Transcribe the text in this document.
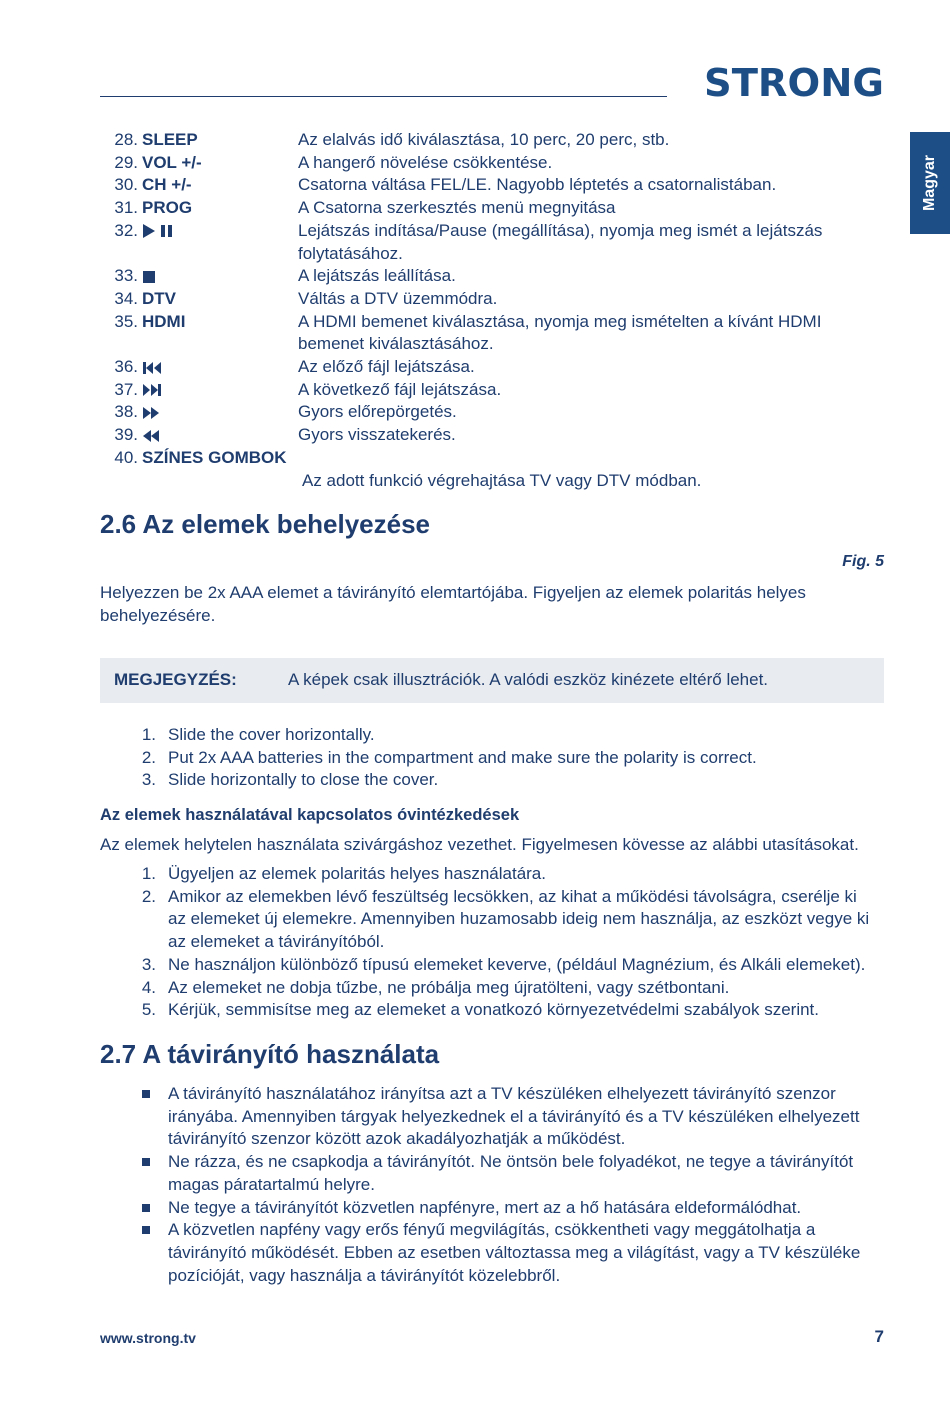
STRONG
Magyar
28. SLEEP	Az elalvás idő kiválasztása, 10 perc, 20 perc, stb.
29. VOL +/-	A hangerő növelése csökkentése.
30. CH +/-	Csatorna váltása FEL/LE. Nagyobb léptetés a csatornalistában.
31. PROG	A Csatorna szerkesztés menü megnyitása
32.	Lejátszás indítása/Pause (megállítása), nyomja meg ismét a lejátszás folytatásához.
33.	A lejátszás leállítása.
34. DTV	Váltás a DTV üzemmódra.
35. HDMI	A HDMI bemenet kiválasztása, nyomja meg ismételten a kívánt HDMI bemenet kiválasztásához.
36.	Az előző fájl lejátszása.
37.	A következő fájl lejátszása.
38.	Gyors előrepörgetés.
39.	Gyors visszatekerés.
40. SZÍNES GOMBOK
Az adott funkció végrehajtása TV vagy DTV módban.
2.6 Az elemek behelyezése
Fig. 5
Helyezzen be 2x AAA elemet a távirányító elemtartójába. Figyeljen az elemek polaritás helyes behelyezésére.
MEGJEGYZÉS:	A képek csak illusztrációk. A valódi eszköz kinézete eltérő lehet.
1. Slide the cover horizontally.
2. Put 2x AAA batteries in the compartment and make sure the polarity is correct.
3. Slide horizontally to close the cover.
Az elemek használatával kapcsolatos óvintézkedések
Az elemek helytelen használata szivárgáshoz vezethet. Figyelmesen kövesse az alábbi utasításokat.
1. Ügyeljen az elemek polaritás helyes használatára.
2. Amikor az elemekben lévő feszültség lecsökken, az kihat a működési távolságra, cserélje ki az elemeket új elemekre. Amennyiben huzamosabb ideig nem használja, az eszközt vegye ki az elemeket a távirányítóból.
3. Ne használjon különböző típusú elemeket keverve, (például Magnézium, és Alkáli elemeket).
4. Az elemeket ne dobja tűzbe, ne próbálja meg újratölteni, vagy szétbontani.
5. Kérjük, semmisítse meg az elemeket a vonatkozó környezetvédelmi szabályok szerint.
2.7 A távirányító használata
A távirányító használatához irányítsa azt a TV készüléken elhelyezett távirányító szenzor irányába. Amennyiben tárgyak helyezkednek el a távirányító és a TV készüléken elhelyezett távirányító szenzor között azok akadályozhatják a működést.
Ne rázza, és ne csapkodja a távirányítót. Ne öntsön bele folyadékot, ne tegye a távirányítót magas páratartalmú helyre.
Ne tegye a távirányítót közvetlen napfényre, mert az a hő hatására eldeformálódhat.
A közvetlen napfény vagy erős fényű megvilágítás, csökkentheti vagy meggátolhatja a távirányító működését. Ebben az esetben változtassa meg a világítást, vagy a TV készüléke pozícióját, vagy használja a távirányítót közelebbről.
www.strong.tv	7
